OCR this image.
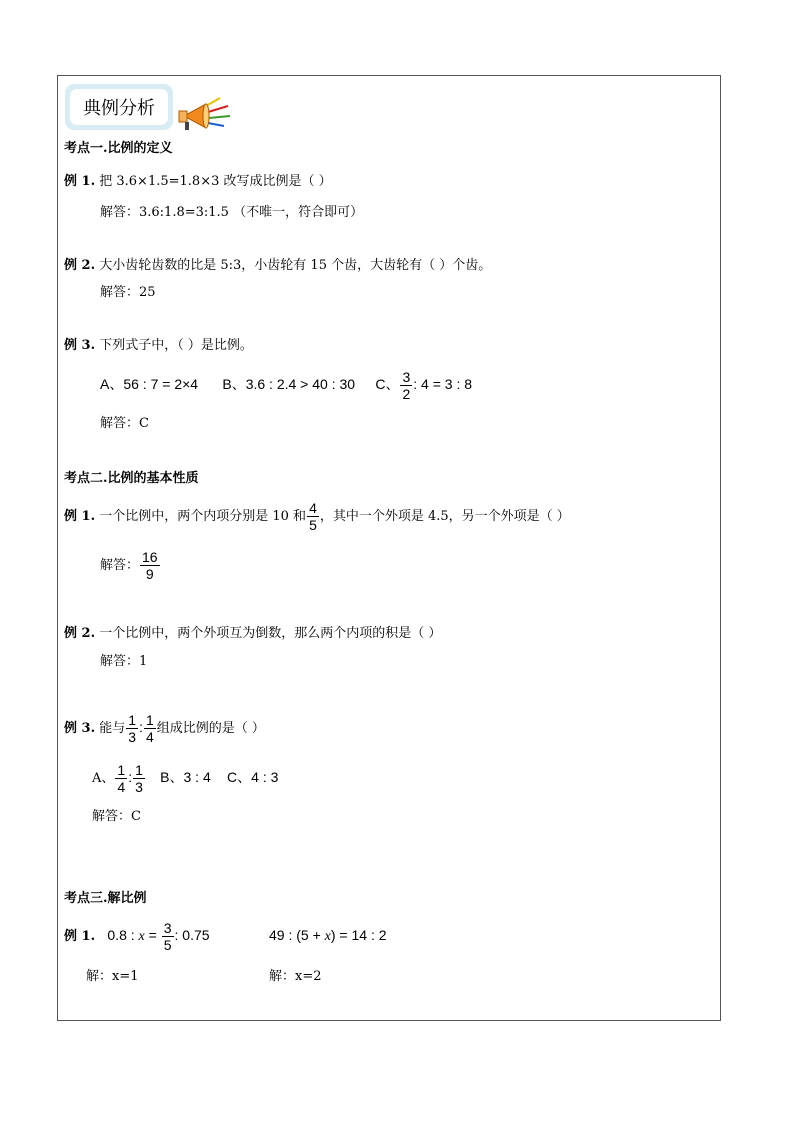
典例分析
考点一.比例的定义
例 1. 把 3.6×1.5=1.8×3 改写成比例是（ ）
解答：3.6:1.8=3:1.5 （不唯一，符合即可）
例 2. 大小齿轮齿数的比是 5:3，小齿轮有 15 个齿，大齿轮有（ ）个齿。
解答：25
例 3. 下列式子中，（ ）是比例。
A、56 : 7 = 2×4 B、3.6 : 2.4 > 40 : 30 C、 $\frac{3}{2}$ : 4 = 3 : 8
解答：C
考点二.比例的基本性质
例 1. 一个比例中，两个内项分别是 10 和 $\frac{4}{5}$ ，其中一个外项是 4.5，另一个外项是（ ）
解答： $\frac{16}{9}$
例 2. 一个比例中，两个外项互为倒数，那么两个内项的积是（ ）
解答：1
例 3. 能与 $\frac{1}{3}$ : $\frac{1}{4}$ 组成比例的是（ ）
A、 $\frac{1}{4}$ : $\frac{1}{3}$ B、3 : 4 C、4 : 3
解答：C
考点三.解比例
例 1. 0.8 : $x = \frac{3}{5}$ : 0.75	49 : (5 + x) = 14 : 2
解：x=1	解：x=2
